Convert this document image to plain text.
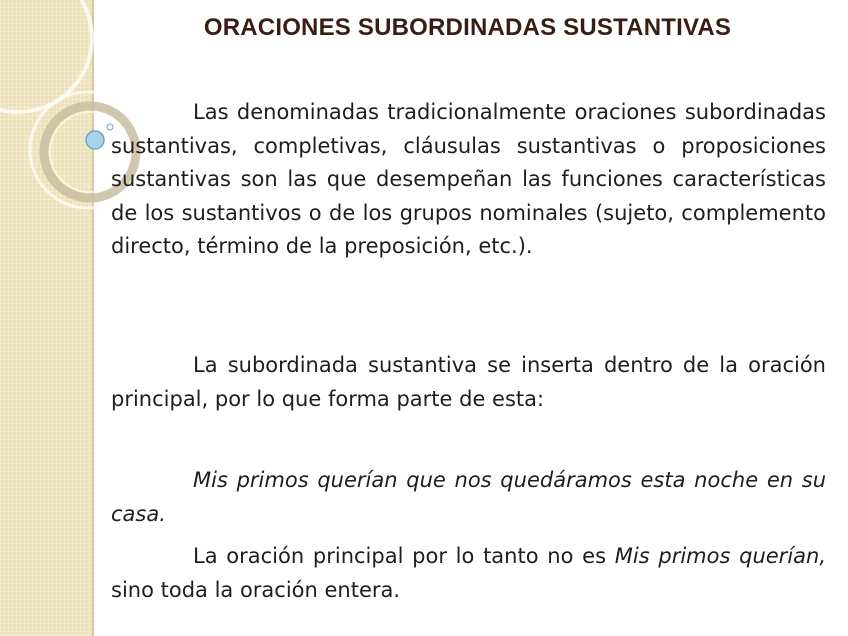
ORACIONES SUBORDINADAS SUSTANTIVAS

Las denominadas tradicionalmente oraciones subordinadas sustantivas, completivas, cláusulas sustantivas o proposiciones sustantivas son las que desempeñan las funciones características de los sustantivos o de los grupos nominales (sujeto, complemento directo, término de la preposición, etc.).

La subordinada sustantiva se inserta dentro de la oración principal, por lo que forma parte de esta:

Mis primos querían que nos quedáramos esta noche en su casa.

La oración principal por lo tanto no es Mis primos querían, sino toda la oración entera.
